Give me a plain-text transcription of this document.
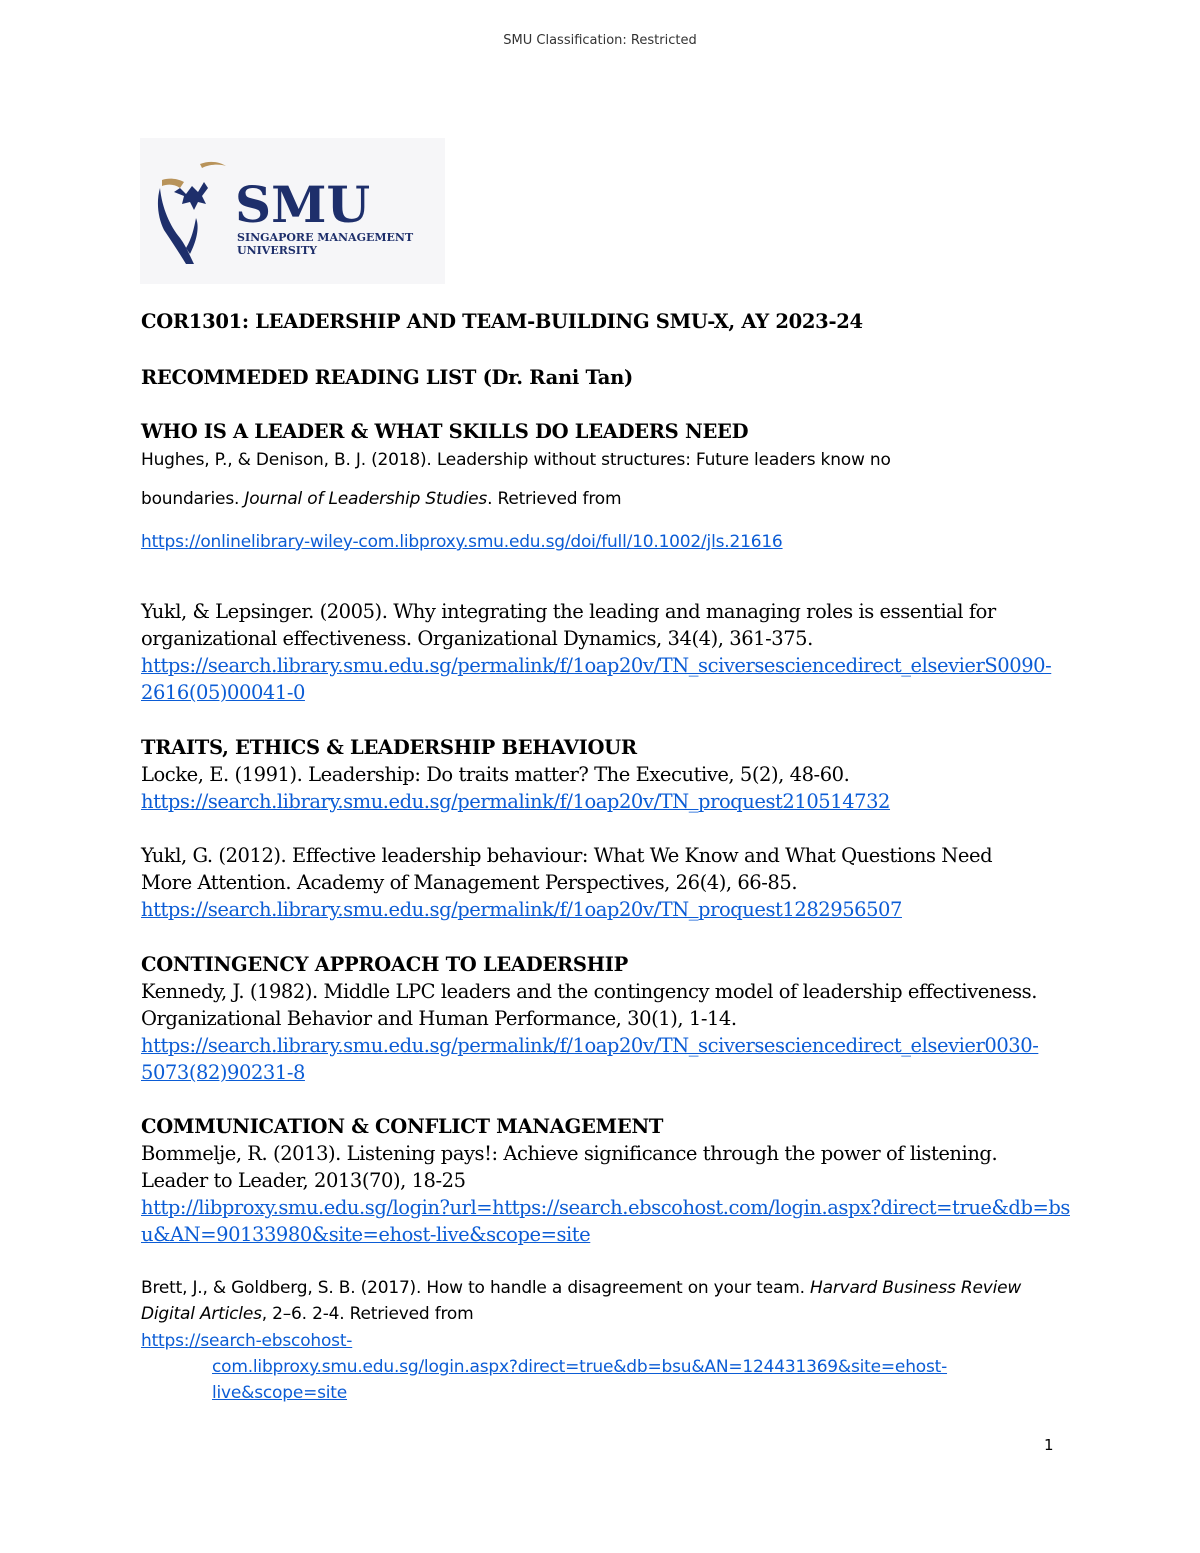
SMU Classification: Restricted
SMU
SINGAPORE MANAGEMENT
UNIVERSITY
COR1301: LEADERSHIP AND TEAM-BUILDING SMU-X, AY 2023-24
RECOMMEDED READING LIST (Dr. Rani Tan)
WHO IS A LEADER & WHAT SKILLS DO LEADERS NEED
Hughes, P., & Denison, B. J. (2018). Leadership without structures: Future leaders know no
boundaries. Journal of Leadership Studies. Retrieved from
https://onlinelibrary-wiley-com.libproxy.smu.edu.sg/doi/full/10.1002/jls.21616
Yukl, & Lepsinger. (2005). Why integrating the leading and managing roles is essential for
organizational effectiveness. Organizational Dynamics, 34(4), 361-375.
https://search.library.smu.edu.sg/permalink/f/1oap20v/TN_sciversesciencedirect_elsevierS0090-
2616(05)00041-0
TRAITS, ETHICS & LEADERSHIP BEHAVIOUR
Locke, E. (1991). Leadership: Do traits matter? The Executive, 5(2), 48-60.
https://search.library.smu.edu.sg/permalink/f/1oap20v/TN_proquest210514732
Yukl, G. (2012). Effective leadership behaviour: What We Know and What Questions Need
More Attention. Academy of Management Perspectives, 26(4), 66-85.
https://search.library.smu.edu.sg/permalink/f/1oap20v/TN_proquest1282956507
CONTINGENCY APPROACH TO LEADERSHIP
Kennedy, J. (1982). Middle LPC leaders and the contingency model of leadership effectiveness.
Organizational Behavior and Human Performance, 30(1), 1-14.
https://search.library.smu.edu.sg/permalink/f/1oap20v/TN_sciversesciencedirect_elsevier0030-
5073(82)90231-8
COMMUNICATION & CONFLICT MANAGEMENT
Bommelje, R. (2013). Listening pays!: Achieve significance through the power of listening.
Leader to Leader, 2013(70), 18-25
http://libproxy.smu.edu.sg/login?url=https://search.ebscohost.com/login.aspx?direct=true&db=bs
u&AN=90133980&site=ehost-live&scope=site
Brett, J., & Goldberg, S. B. (2017). How to handle a disagreement on your team. Harvard Business Review
Digital Articles, 2–6. 2-4. Retrieved from
https://search-ebscohost-
com.libproxy.smu.edu.sg/login.aspx?direct=true&db=bsu&AN=124431369&site=ehost-
live&scope=site
1
